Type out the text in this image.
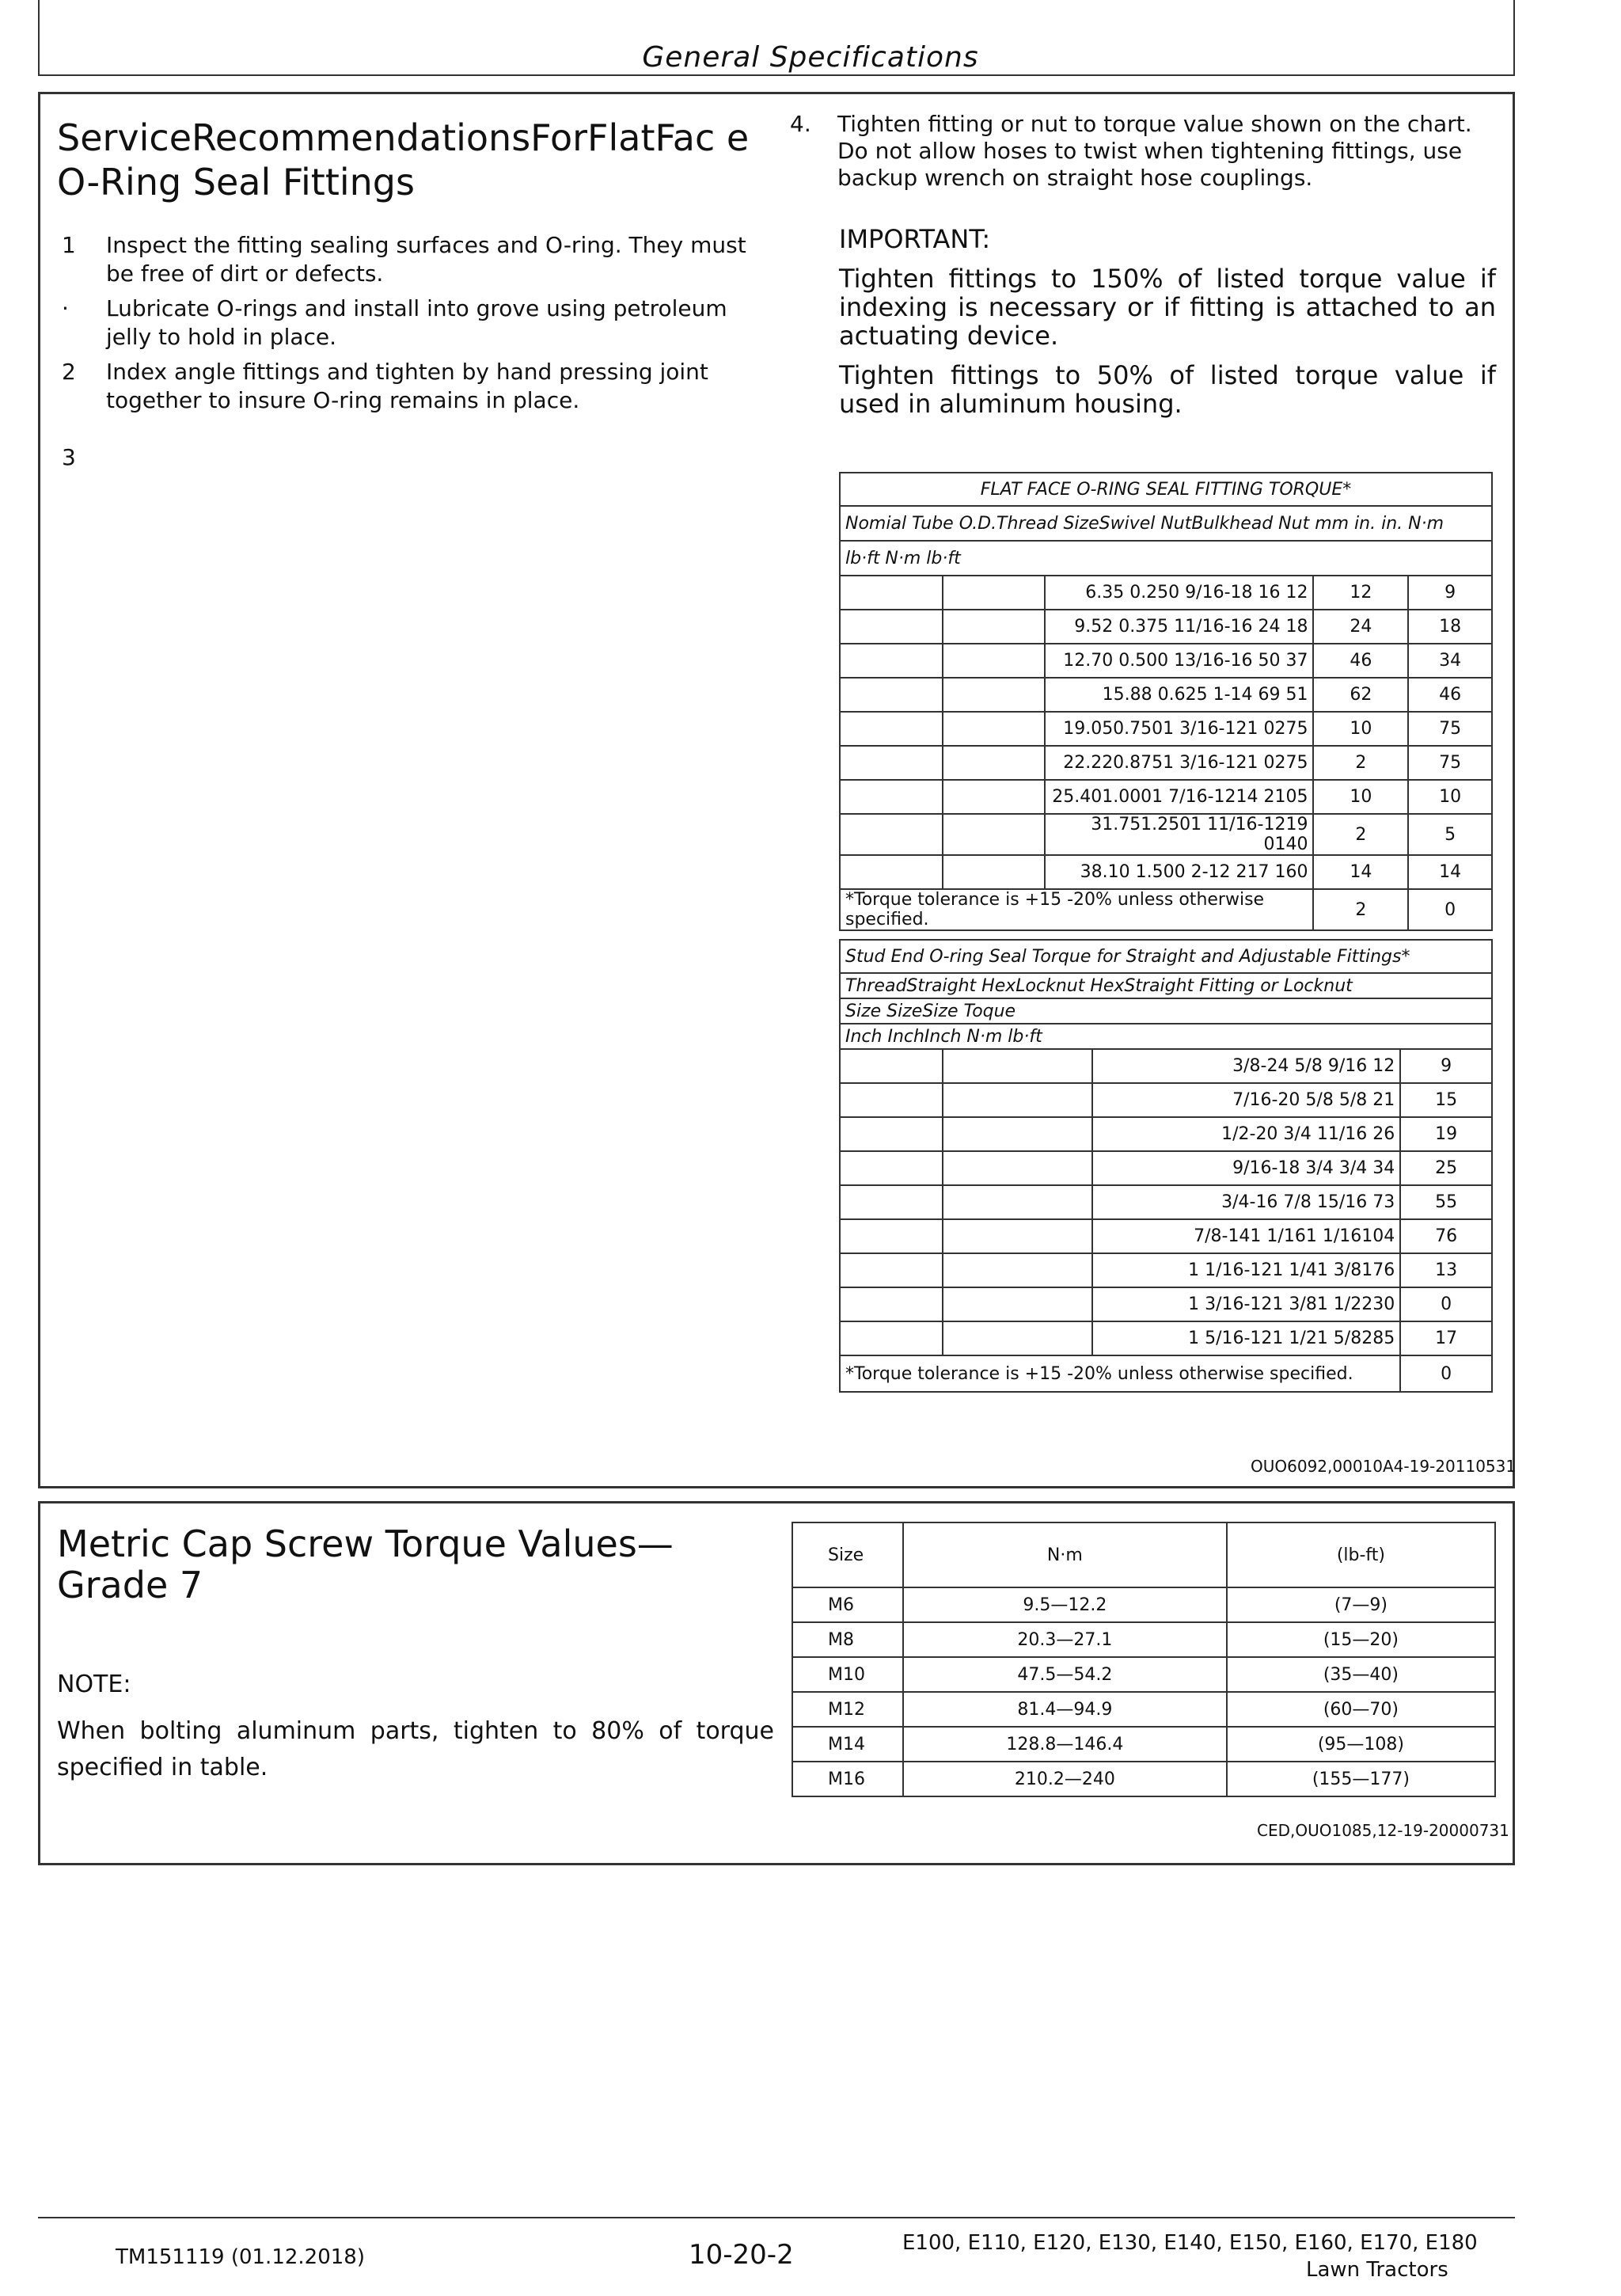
General Specifications
ServiceRecommendationsForFlatFac e O-Ring Seal Fittings
1	Inspect the fitting sealing surfaces and O-ring. They must be free of dirt or defects.
·	Lubricate O-rings and install into grove using petroleum jelly to hold in place.
2	Index angle fittings and tighten by hand pressing joint together to insure O-ring remains in place.
3
4.	Tighten fitting or nut to torque value shown on the chart. Do not allow hoses to twist when tightening fittings, use backup wrench on straight hose couplings.

IMPORTANT:

Tighten fittings to 150% of listed torque value if indexing is necessary or if fitting is attached to an actuating device.

Tighten fittings to 50% of listed torque value if used in aluminum housing.

FLAT FACE O-RING SEAL FITTING TORQUE*				
Nomial Tube O.D.Thread SizeSwivel NutBulkhead Nut mm in. in. N·m				
lb·ft N·m lb·ft				
		6.35 0.250 9/16-18 16 12	12	9
		9.52 0.375 11/16-16 24 18	24	18
		12.70 0.500 13/16-16 50 37	46	34
		15.88 0.625 1-14 69 51	62	46
		19.050.7501 3/16-121 0275	10	75
		22.220.8751 3/16-121 0275	2	75
		25.401.0001 7/16-1214 2105	10	10
		31.751.2501 11/16-1219 0140	2	5
		38.10 1.500 2-12 217 160	14	14
*Torque tolerance is +15 -20% unless otherwise specified.			2	0
Stud End O-ring Seal Torque for Straight and Adjustable Fittings*			
ThreadStraight HexLocknut HexStraight Fitting or Locknut			
Size SizeSize Toque			
Inch InchInch N·m lb·ft			
		3/8-24 5/8 9/16 12	9
		7/16-20 5/8 5/8 21	15
		1/2-20 3/4 11/16 26	19
		9/16-18 3/4 3/4 34	25
		3/4-16 7/8 15/16 73	55
		7/8-141 1/161 1/16104	76
		1 1/16-121 1/41 3/8176	13
		1 3/16-121 3/81 1/2230	0
		1 5/16-121 1/21 5/8285	17
*Torque tolerance is +15 -20% unless otherwise specified.			0
OUO6092,00010A4-19-20110531
Metric Cap Screw Torque Values— Grade 7
NOTE:
When bolting aluminum parts, tighten to 80% of torque specified in table.
Size	N·m	(lb-ft)
M6	9.5—12.2	(7—9)
M8	20.3—27.1	(15—20)
M10	47.5—54.2	(35—40)
M12	81.4—94.9	(60—70)
M14	128.8—146.4	(95—108)
M16	210.2—240	(155—177)
CED,OUO1085,12-19-20000731
TM151119 (01.12.2018)	10-20-2	E100, E110, E120, E130, E140, E150, E160, E170, E180
Lawn Tractors
